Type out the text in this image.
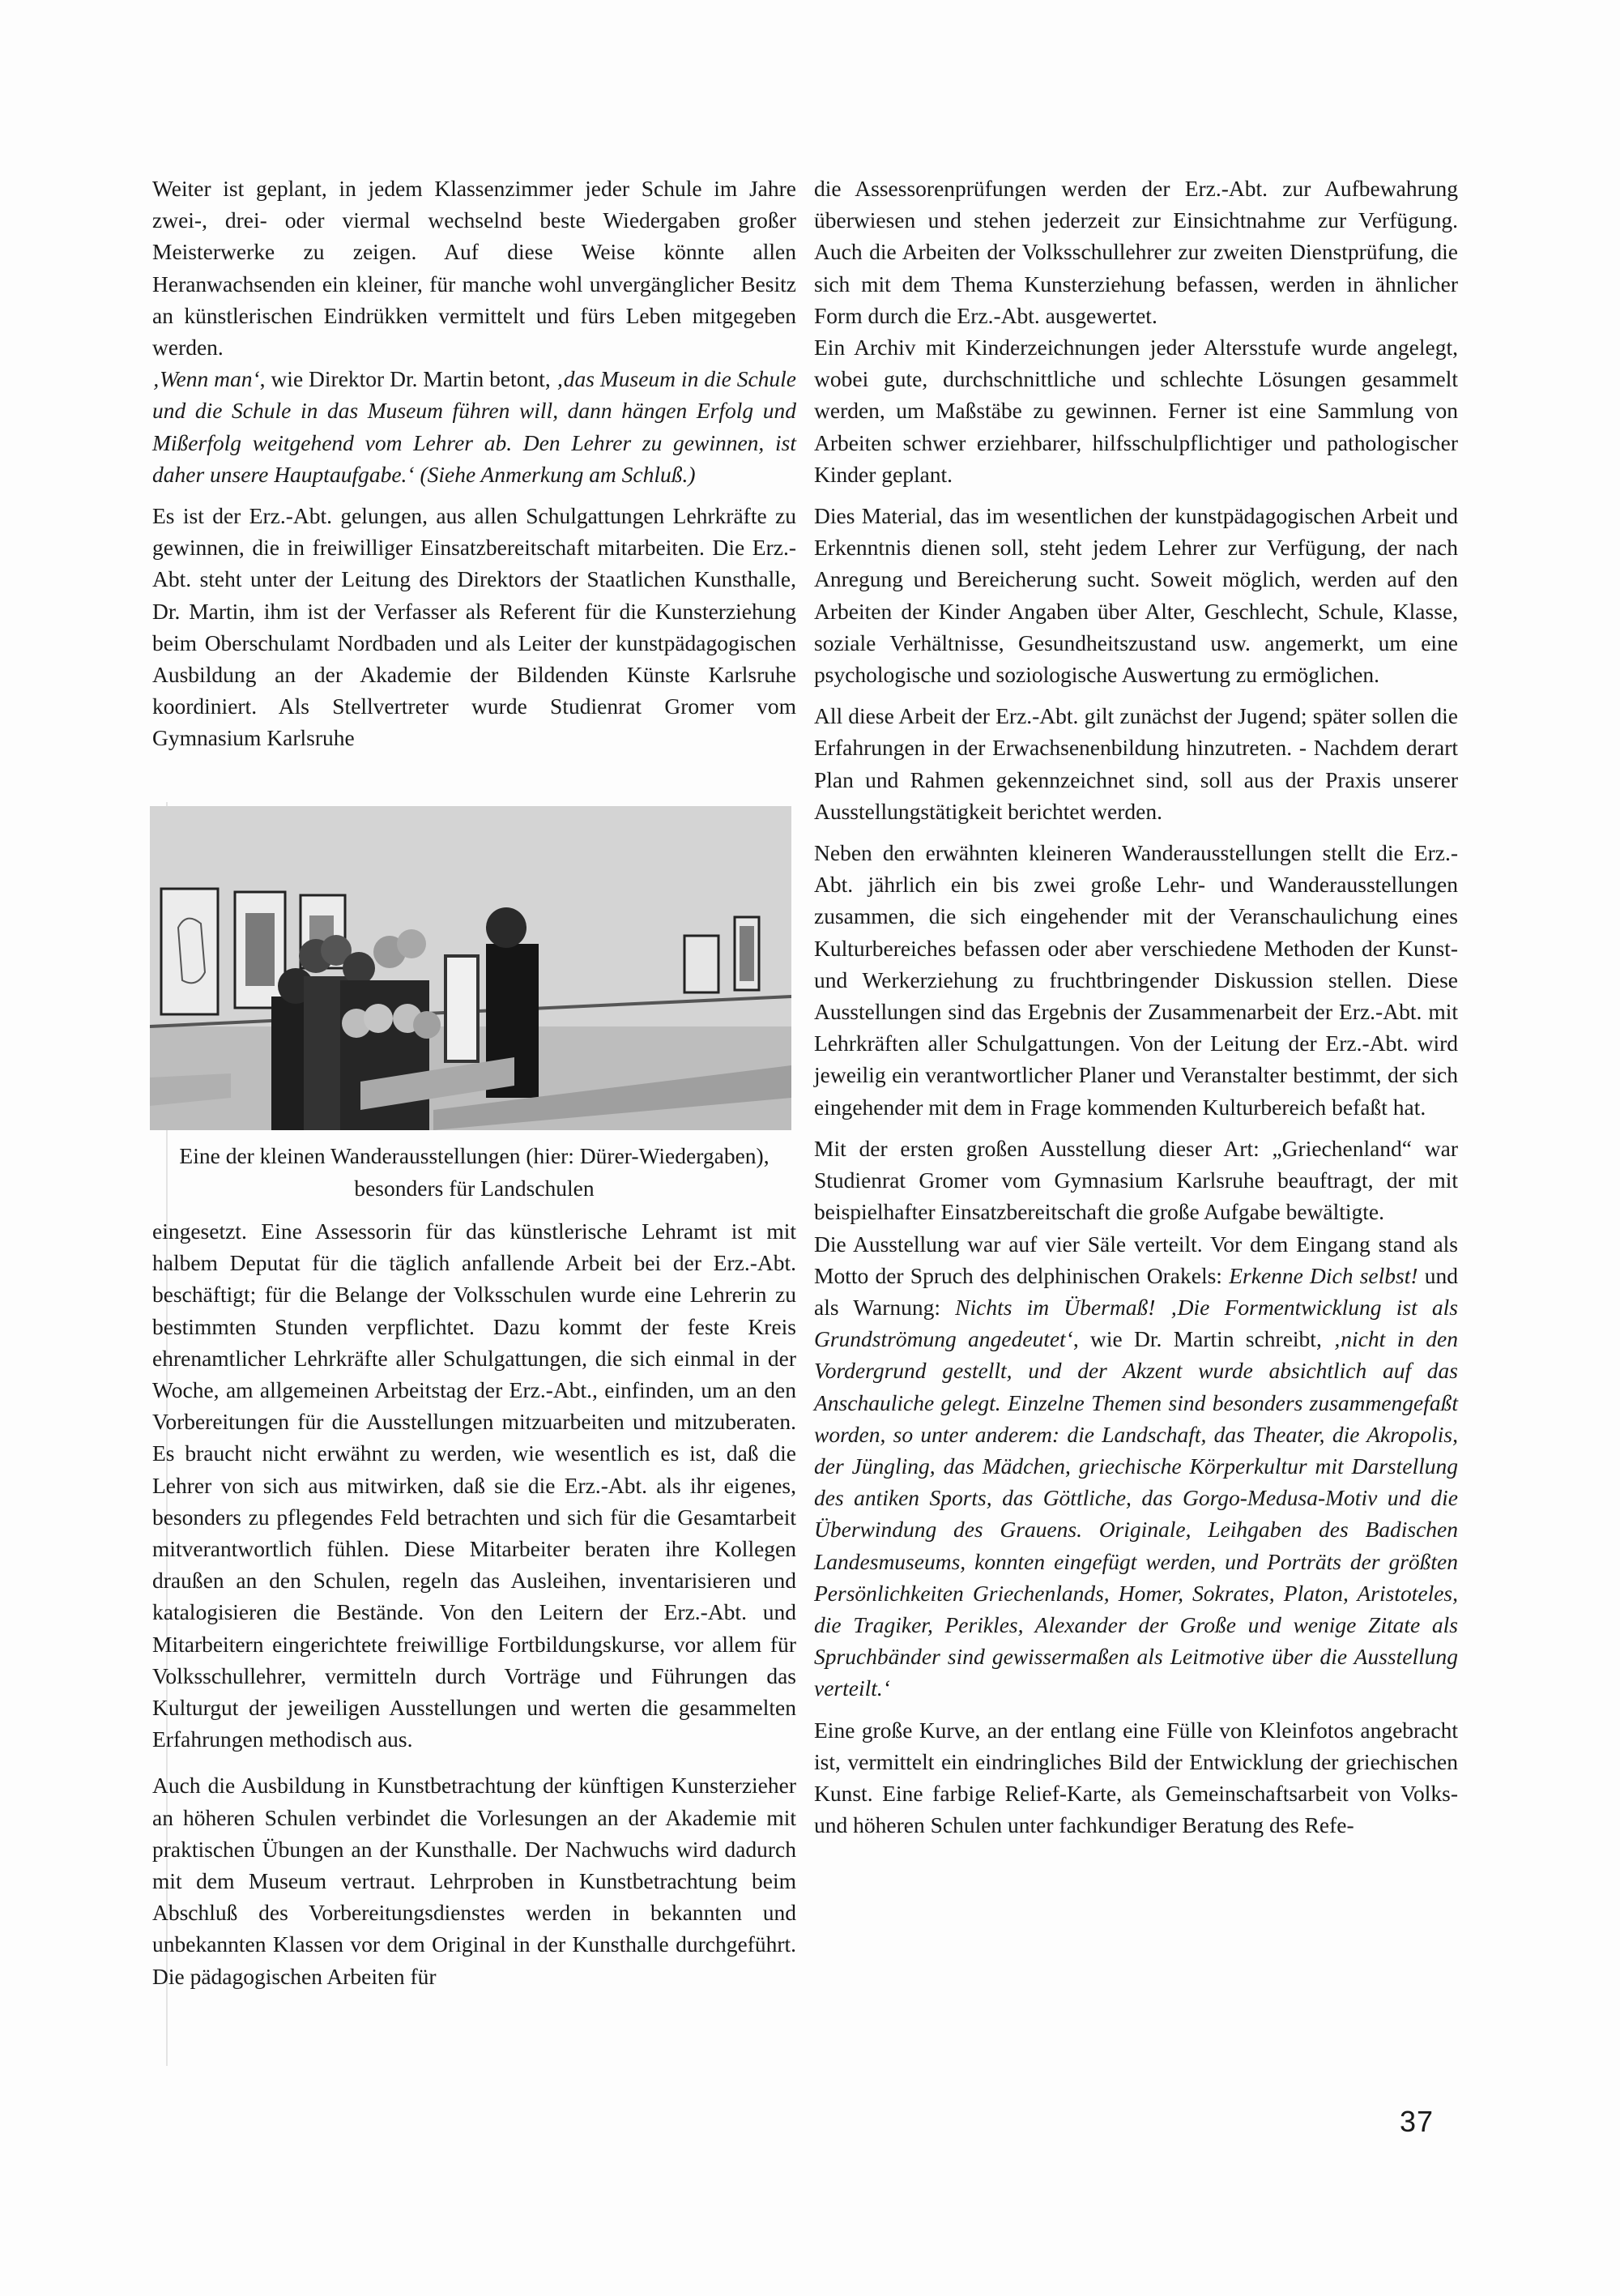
Weiter ist geplant, in jedem Klassenzimmer jeder Schule im Jahre zwei-, drei- oder viermal wechselnd beste Wiedergaben großer Meisterwerke zu zeigen. Auf diese Weise könnte allen Heranwachsenden ein kleiner, für manche wohl unvergänglicher Besitz an künstlerischen Eindrükken vermittelt und fürs Leben mitgegeben werden.

‚Wenn man‘, wie Direktor Dr. Martin betont, ‚das Museum in die Schule und die Schule in das Museum führen will, dann hängen Erfolg und Mißerfolg weitgehend vom Lehrer ab. Den Lehrer zu gewinnen, ist daher unsere Hauptaufgabe.‘ (Siehe Anmerkung am Schluß.)

Es ist der Erz.-Abt. gelungen, aus allen Schulgattungen Lehrkräfte zu gewinnen, die in freiwilliger Einsatzbereitschaft mitarbeiten. Die Erz.-Abt. steht unter der Leitung des Direktors der Staatlichen Kunsthalle, Dr. Martin, ihm ist der Verfasser als Referent für die Kunsterziehung beim Oberschulamt Nordbaden und als Leiter der kunstpädagogischen Ausbildung an der Akademie der Bildenden Künste Karlsruhe koordiniert. Als Stellvertreter wurde Studienrat Gromer vom Gymnasium Karlsruhe

Eine der kleinen Wanderausstellungen (hier: Dürer-Wiedergaben), besonders für Landschulen

eingesetzt. Eine Assessorin für das künstlerische Lehramt ist mit halbem Deputat für die täglich anfallende Arbeit bei der Erz.-Abt. beschäftigt; für die Belange der Volksschulen wurde eine Lehrerin zu bestimmten Stunden verpflichtet. Dazu kommt der feste Kreis ehrenamtlicher Lehrkräfte aller Schulgattungen, die sich einmal in der Woche, am allgemeinen Arbeitstag der Erz.-Abt., einfinden, um an den Vorbereitungen für die Ausstellungen mitzuarbeiten und mitzuberaten. Es braucht nicht erwähnt zu werden, wie wesentlich es ist, daß die Lehrer von sich aus mitwirken, daß sie die Erz.-Abt. als ihr eigenes, besonders zu pflegendes Feld betrachten und sich für die Gesamtarbeit mitverantwortlich fühlen. Diese Mitarbeiter beraten ihre Kollegen draußen an den Schulen, regeln das Ausleihen, inventarisieren und katalogisieren die Bestände. Von den Leitern der Erz.-Abt. und Mitarbeitern eingerichtete freiwillige Fortbildungskurse, vor allem für Volksschullehrer, vermitteln durch Vorträge und Führungen das Kulturgut der jeweiligen Ausstellungen und werten die gesammelten Erfahrungen methodisch aus.

Auch die Ausbildung in Kunstbetrachtung der künftigen Kunsterzieher an höheren Schulen verbindet die Vorlesungen an der Akademie mit praktischen Übungen an der Kunsthalle. Der Nachwuchs wird dadurch mit dem Museum vertraut. Lehrproben in Kunstbetrachtung beim Abschluß des Vorbereitungsdienstes werden in bekannten und unbekannten Klassen vor dem Original in der Kunsthalle durchgeführt. Die pädagogischen Arbeiten für

die Assessorenprüfungen werden der Erz.-Abt. zur Aufbewahrung überwiesen und stehen jederzeit zur Einsichtnahme zur Verfügung. Auch die Arbeiten der Volksschullehrer zur zweiten Dienstprüfung, die sich mit dem Thema Kunsterziehung befassen, werden in ähnlicher Form durch die Erz.-Abt. ausgewertet.

Ein Archiv mit Kinderzeichnungen jeder Altersstufe wurde angelegt, wobei gute, durchschnittliche und schlechte Lösungen gesammelt werden, um Maßstäbe zu gewinnen. Ferner ist eine Sammlung von Arbeiten schwer erziehbarer, hilfsschulpflichtiger und pathologischer Kinder geplant.

Dies Material, das im wesentlichen der kunstpädagogischen Arbeit und Erkenntnis dienen soll, steht jedem Lehrer zur Verfügung, der nach Anregung und Bereicherung sucht. Soweit möglich, werden auf den Arbeiten der Kinder Angaben über Alter, Geschlecht, Schule, Klasse, soziale Verhältnisse, Gesundheitszustand usw. angemerkt, um eine psychologische und soziologische Auswertung zu ermöglichen.

All diese Arbeit der Erz.-Abt. gilt zunächst der Jugend; später sollen die Erfahrungen in der Erwachsenenbildung hinzutreten. - Nachdem derart Plan und Rahmen gekennzeichnet sind, soll aus der Praxis unserer Ausstellungstätigkeit berichtet werden.

Neben den erwähnten kleineren Wanderausstellungen stellt die Erz.-Abt. jährlich ein bis zwei große Lehr- und Wanderausstellungen zusammen, die sich eingehender mit der Veranschaulichung eines Kulturbereiches befassen oder aber verschiedene Methoden der Kunst- und Werkerziehung zu fruchtbringender Diskussion stellen. Diese Ausstellungen sind das Ergebnis der Zusammenarbeit der Erz.-Abt. mit Lehrkräften aller Schulgattungen. Von der Leitung der Erz.-Abt. wird jeweilig ein verantwortlicher Planer und Veranstalter bestimmt, der sich eingehender mit dem in Frage kommenden Kulturbereich befaßt hat.

Mit der ersten großen Ausstellung dieser Art: „Griechenland“ war Studienrat Gromer vom Gymnasium Karlsruhe beauftragt, der mit beispielhafter Einsatzbereitschaft die große Aufgabe bewältigte.

Die Ausstellung war auf vier Säle verteilt. Vor dem Eingang stand als Motto der Spruch des delphinischen Orakels: Erkenne Dich selbst! und als Warnung: Nichts im Übermaß! ‚Die Formentwicklung ist als Grundströmung angedeutet‘, wie Dr. Martin schreibt, ‚nicht in den Vordergrund gestellt, und der Akzent wurde absichtlich auf das Anschauliche gelegt. Einzelne Themen sind besonders zusammengefaßt worden, so unter anderem: die Landschaft, das Theater, die Akropolis, der Jüngling, das Mädchen, griechische Körperkultur mit Darstellung des antiken Sports, das Göttliche, das Gorgo-Medusa-Motiv und die Überwindung des Grauens. Originale, Leihgaben des Badischen Landesmuseums, konnten eingefügt werden, und Porträts der größten Persönlichkeiten Griechenlands, Homer, Sokrates, Platon, Aristoteles, die Tragiker, Perikles, Alexander der Große und wenige Zitate als Spruchbänder sind gewissermaßen als Leitmotive über die Ausstellung verteilt.‘

Eine große Kurve, an der entlang eine Fülle von Kleinfotos angebracht ist, vermittelt ein eindringliches Bild der Entwicklung der griechischen Kunst. Eine farbige Relief-Karte, als Gemeinschaftsarbeit von Volks- und höheren Schulen unter fachkundiger Beratung des Refe-

37
